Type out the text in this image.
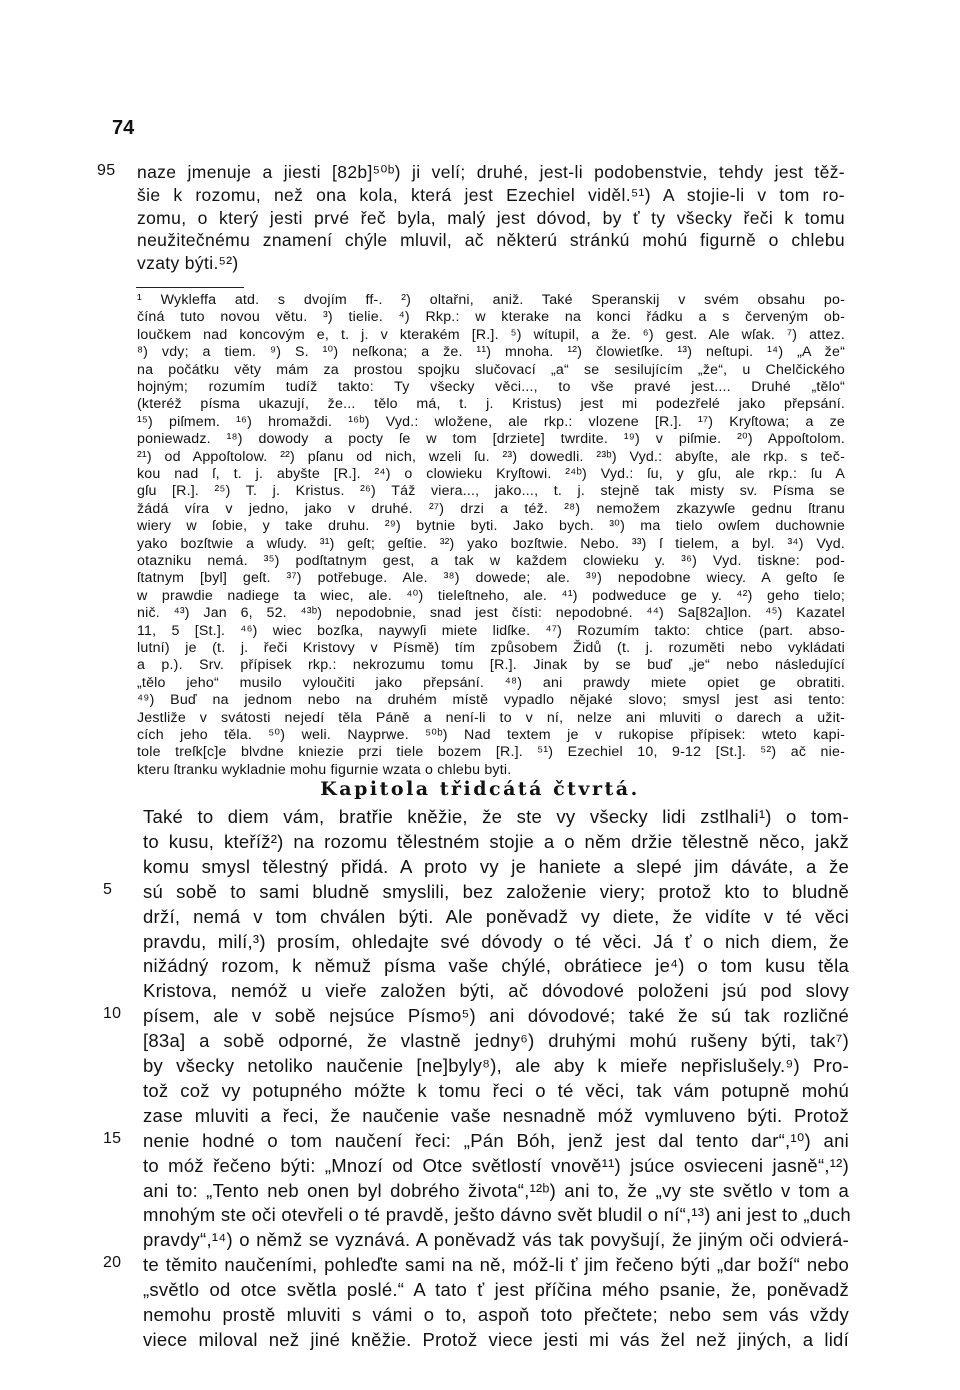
74
naze jmenuje a jiesti [82b]⁵⁰ᵇ) ji velí; druhé, jest-li podobenstvie, tehdy jest těž-
95
šie k rozomu, než ona kola, která jest Ezechiel viděl.⁵¹) A stojie-li v tom ro-
zomu, o který jesti prvé řeč byla, malý jest dóvod, by ť ty všecky řeči k tomu
neužitečnému znamení chýle mluvil, ač některú stránkú mohú figurně o chlebu
vzaty býti.⁵²)
¹ Wykleffa atd. s dvojím ff-. ²) oltařni, aniž. Také Speranskij v svém obsahu po-
číná tuto novou větu. ³) tielie. ⁴) Rkp.: w kterake na konci řádku a s červeným ob-
loučkem nad koncovým e, t. j. v kterakém [R.]. ⁵) wítupil, a že. ⁶) gest. Ale wſak. ⁷) attez.
⁸) vdy; a tiem. ⁹) S. ¹⁰) neſkona; a že. ¹¹) mnoha. ¹²) člowietſke. ¹³) neſtupi. ¹⁴) „A že“
na počátku věty mám za prostou spojku slučovací „a“ se sesilujícím „že“, u Chelčického
hojným; rozumím tudíž takto: Ty všecky věci..., to vše pravé jest.... Druhé „tělo“
(kteréž písma ukazují, že... tělo má, t. j. Kristus) jest mi podezřelé jako přepsání.
¹⁵) piſmem. ¹⁶) hromaždi. ¹⁶ᵇ) Vyd.: wložene, ale rkp.: vlozene [R.]. ¹⁷) Kryſtowa; a ze
poniewadz. ¹⁸) dowody a pocty ſe w tom [drziete] twrdite. ¹⁹) v piſmie. ²⁰) Appoſtolom.
²¹) od Appoſtolow. ²²) pſanu od nich, wzeli ſu. ²³) dowedli. ²³ᵇ) Vyd.: abyſte, ale rkp. s teč-
kou nad ſ, t. j. abyšte [R.]. ²⁴) o clowieku Kryſtowi. ²⁴ᵇ) Vyd.: ſu, y gſu, ale rkp.: ſu A
gſu [R.]. ²⁵) T. j. Kristus. ²⁶) Táž viera..., jako..., t. j. stejně tak misty sv. Písma se
žádá víra v jedno, jako v druhé. ²⁷) drzi a též. ²⁸) nemožem zkazywſe gednu ſtranu
wiery w ſobie, y take druhu. ²⁹) bytnie byti. Jako bych. ³⁰) ma tielo owſem duchownie
yako bozſtwie a wſudy. ³¹) geſt; geſtie. ³²) yako bozſtwie. Nebo. ³³) ſ tielem, a byl. ³⁴) Vyd.
otazniku nemá. ³⁵) podſtatnym gest, a tak w každem clowieku y. ³⁶) Vyd. tiskne: pod-
ſtatnym [byl] geſt. ³⁷) potřebuge. Ale. ³⁸) dowede; ale. ³⁹) nepodobne wiecy. A geſto ſe
w prawdie nadiege ta wiec, ale. ⁴⁰) tieleſtneho, ale. ⁴¹) podweduce ge y. ⁴²) geho tielo;
nič. ⁴³) Jan 6, 52. ⁴³ᵇ) nepodobnie, snad jest čísti: nepodobné. ⁴⁴) Sa[82a]lon. ⁴⁵) Kazatel
11, 5 [St.]. ⁴⁶) wiec bozſka, naywyſi miete lidſke. ⁴⁷) Rozumím takto: chtice (part. abso-
lutní) je (t. j. řeči Kristovy v Písmě) tím způsobem Židů (t. j. rozuměti nebo vykládati
a p.). Srv. přípisek rkp.: nekrozumu tomu [R.]. Jinak by se buď „je“ nebo následující
„tělo jeho“ musilo vyloučiti jako přepsání. ⁴⁸) ani prawdy miete opiet ge obratiti.
⁴⁹) Buď na jednom nebo na druhém místě vypadlo nějaké slovo; smysl jest asi tento:
Jestliže v svátosti nejedí těla Páně a není-li to v ní, nelze ani mluviti o darech a užit-
cích jeho těla. ⁵⁰) weli. Nayprwe. ⁵⁰ᵇ) Nad textem je v rukopise přípisek: wteto kapi-
tole treſk[c]e blvdne kniezie przi tiele bozem [R.]. ⁵¹) Ezechiel 10, 9-12 [St.]. ⁵²) ač nie-
kteru ſtranku wykladnie mohu figurnie wzata o chlebu byti.
Kapitola třidcátá čtvrtá.
Také to diem vám, bratřie kněžie, že ste vy všecky lidi zstlhali¹) o tom-
to kusu, kteříž²) na rozomu tělestném stojie a o něm držie tělestně něco, jakž
komu smysl tělestný přidá. A proto vy je haniete a slepé jim dáváte, a že
sú sobě to sami bludně smyslili, bez založenie viery; protož kto to bludně
5
drží, nemá v tom chválen býti. Ale poněvadž vy diete, že vidíte v té věci
pravdu, milí,³) prosím, ohledajte své dóvody o té věci. Já ť o nich diem, že
nižádný rozom, k němuž písma vaše chýlé, obrátiece je⁴) o tom kusu těla
Kristova, nemóž u vieře založen býti, ač dóvodové položeni jsú pod slovy
písem, ale v sobě nejsúce Písmo⁵) ani dóvodové; také že sú tak rozličné
10
[83a] a sobě odporné, že vlastně jedny⁶) druhými mohú rušeny býti, tak⁷)
by všecky netoliko naučenie [ne]byly⁸), ale aby k mieře nepřislušely.⁹) Pro-
tož což vy potupného móžte k tomu řeci o té věci, tak vám potupně mohú
zase mluviti a řeci, že naučenie vaše nesnadně móž vymluveno býti. Protož
nenie hodné o tom naučení řeci: „Pán Bóh, jenž jest dal tento dar“,¹⁰) ani
15
to móž řečeno býti: „Mnozí od Otce světlostí vnově¹¹) jsúce osvieceni jasně“,¹²)
ani to: „Tento neb onen byl dobrého života“,¹²ᵇ) ani to, že „vy ste světlo v tom a
mnohým ste oči otevřeli o té pravdě, ješto dávno svět bludil o ní“,¹³) ani jest to „duch
pravdy“,¹⁴) o němž se vyznává. A poněvadž vás tak povyšují, že jiným oči odvierá-
te těmito naučeními, pohleďte sami na ně, móž-li ť jim řečeno býti „dar boží“ nebo
20
„světlo od otce světla poslé.“ A tato ť jest příčina mého psanie, že, poněvadž
nemohu prostě mluviti s vámi o to, aspoň toto přečtete; nebo sem vás vždy
viece miloval než jiné kněžie. Protož viece jesti mi vás žel než jiných, a lidí
